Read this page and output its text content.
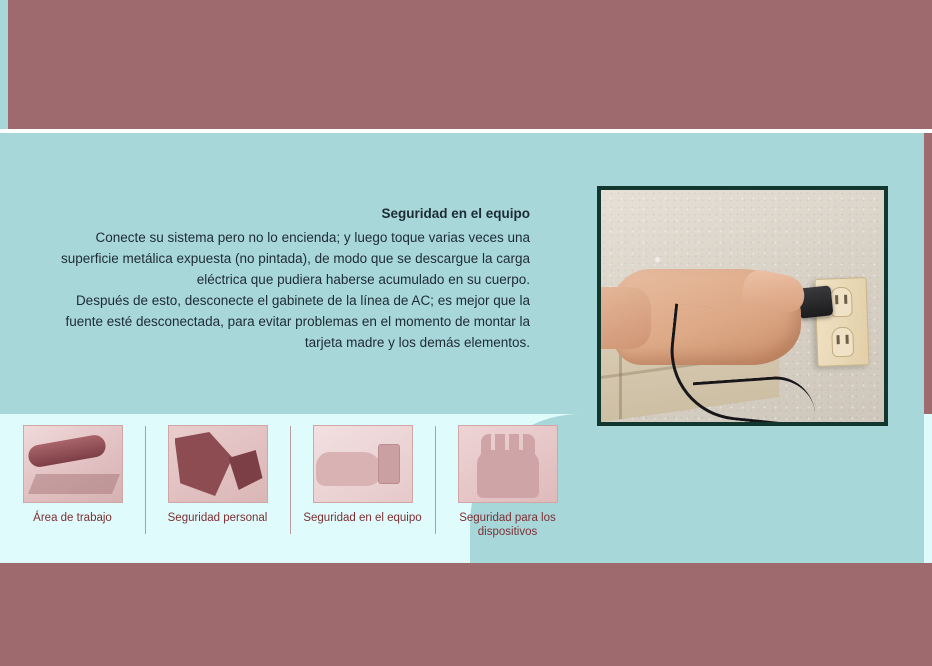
Seguridad en el equipo

Conecte su sistema pero no lo encienda; y luego toque varias veces una superficie metálica expuesta (no pintada), de modo que se descargue la carga eléctrica que pudiera haberse acumulado en su cuerpo.

Después de esto, desconecte el gabinete de la línea de AC; es mejor que la fuente esté desconectada, para evitar problemas en el momento de montar la tarjeta madre y los demás elementos.

Área de trabajo	Seguridad personal	Seguridad en el equipo	Seguridad para los dispositivos
